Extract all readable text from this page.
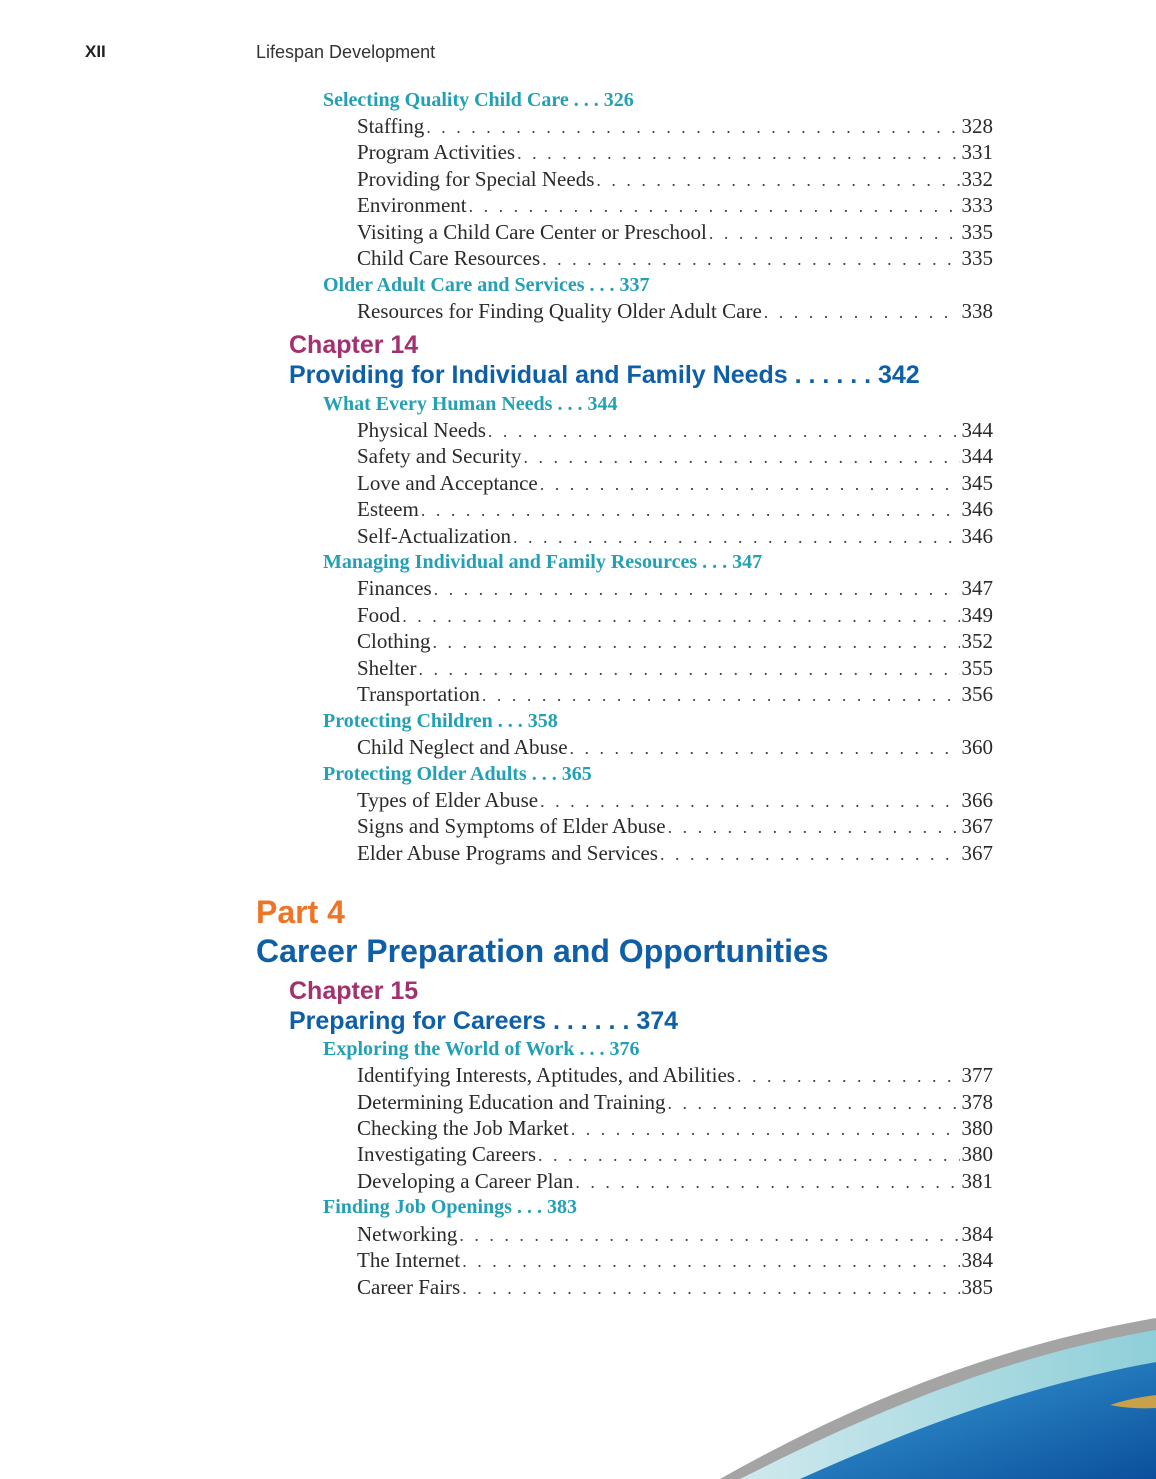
XII	Lifespan Development
Selecting Quality Child Care . . . 326
Staffing . . .	328
Program Activities . . .	331
Providing for Special Needs . . .	332
Environment . . .	333
Visiting a Child Care Center or Preschool . . .	335
Child Care Resources . . .	335
Older Adult Care and Services . . . 337
Resources for Finding Quality Older Adult Care . . .	338
Chapter 14
Providing for Individual and Family Needs . . . . . . 342
What Every Human Needs . . . 344
Physical Needs . . .	344
Safety and Security . . .	344
Love and Acceptance . . .	345
Esteem . . .	346
Self-Actualization . . .	346
Managing Individual and Family Resources . . . 347
Finances . . .	347
Food . . .	349
Clothing . . .	352
Shelter . . .	355
Transportation . . .	356
Protecting Children . . . 358
Child Neglect and Abuse . . .	360
Protecting Older Adults . . . 365
Types of Elder Abuse . . .	366
Signs and Symptoms of Elder Abuse . . .	367
Elder Abuse Programs and Services . . .	367
Part 4
Career Preparation and Opportunities
Chapter 15
Preparing for Careers . . . . . . 374
Exploring the World of Work . . . 376
Identifying Interests, Aptitudes, and Abilities . . .	377
Determining Education and Training . . .	378
Checking the Job Market . . .	380
Investigating Careers . . .	380
Developing a Career Plan . . .	381
Finding Job Openings . . . 383
Networking . . .	384
The Internet . . .	384
Career Fairs . . .	385
